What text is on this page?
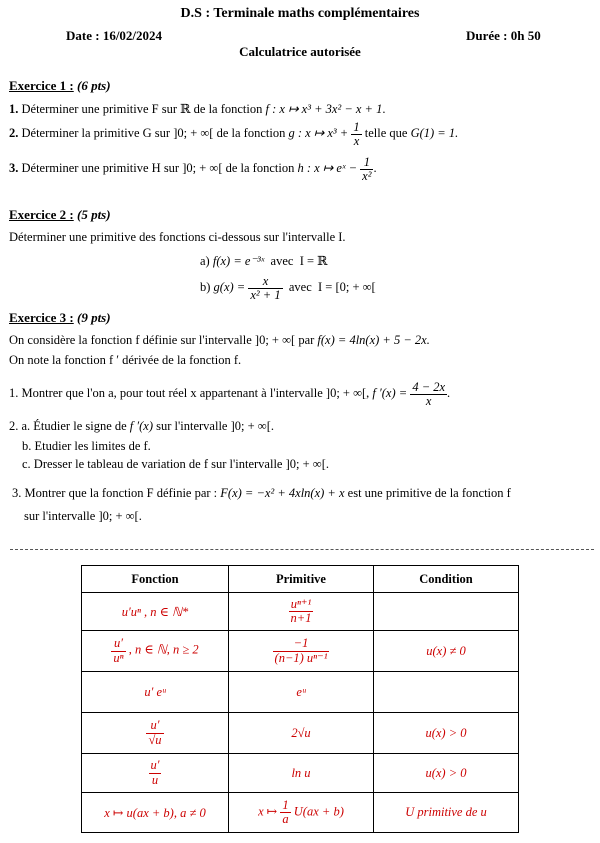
D.S : Terminale maths complémentaires
Date : 16/02/2024	Durée : 0h 50
Calculatrice autorisée
Exercice 1 : (6 pts)
1. Déterminer une primitive F sur ℝ de la fonction f : x ↦ x³ + 3x² − x + 1.
2. Déterminer la primitive G sur ]0; + ∞[ de la fonction g : x ↦ $x^3 + \frac{1}{x}$ telle que G(1) = 1.
3. Déterminer une primitive H sur ]0; + ∞[ de la fonction h : x ↦ eˣ − $\frac{1}{\text{x²}}$ .
Exercice 2 : (5 pts)
Déterminer une primitive des fonctions ci-dessous sur l'intervalle I.
a) f(x) = e⁻³ˣ avec I = ℝ
b) $g(x) = \frac{x}{\text{x² + 1}}$ avec I = [0; + ∞[
Exercice 3 : (9 pts)
On considère la fonction f définie sur l'intervalle ]0; + ∞[ par f(x) = 4ln(x) + 5 − 2x.
On note la fonction f ′ dérivée de la fonction f.
1. Montrer que l'on a, pour tout réel x appartenant à l'intervalle ]0; + ∞[, f $'(x) = \frac{4 - 2x}{x}$ .
2. a. Étudier le signe de f ′(x) sur l'intervalle ]0; + ∞[.
b. Etudier les limites de f.
c. Dresser le tableau de variation de f sur l'intervalle ]0; + ∞[.
3. Montrer que la fonction F définie par : F(x) = −x² + 4xln(x) + x est une primitive de la fonction f
sur l'intervalle ]0; + ∞[.
Fonction	Primitive	Condition
u′uⁿ , n ∈ ℕ*	$\frac{\text{uⁿ⁺¹}}{n+1}$

$\frac{u'}{\text{uⁿ}}$ , n ∈ ℕ, n ≥ 2	$\frac{-1}{\text{(n−1) uⁿ⁻¹}}$	u(x) ≠ 0
u′ eᵘ	eᵘ	

$\frac{u'}{√u}$	2√u	u(x) > 0

$\frac{u'}{u}$	ln u	u(x) > 0
x ↦ u(ax + b), a ≠ 0	x ↦ $\frac{1}{a} U(ax + b)$	U primitive de u
